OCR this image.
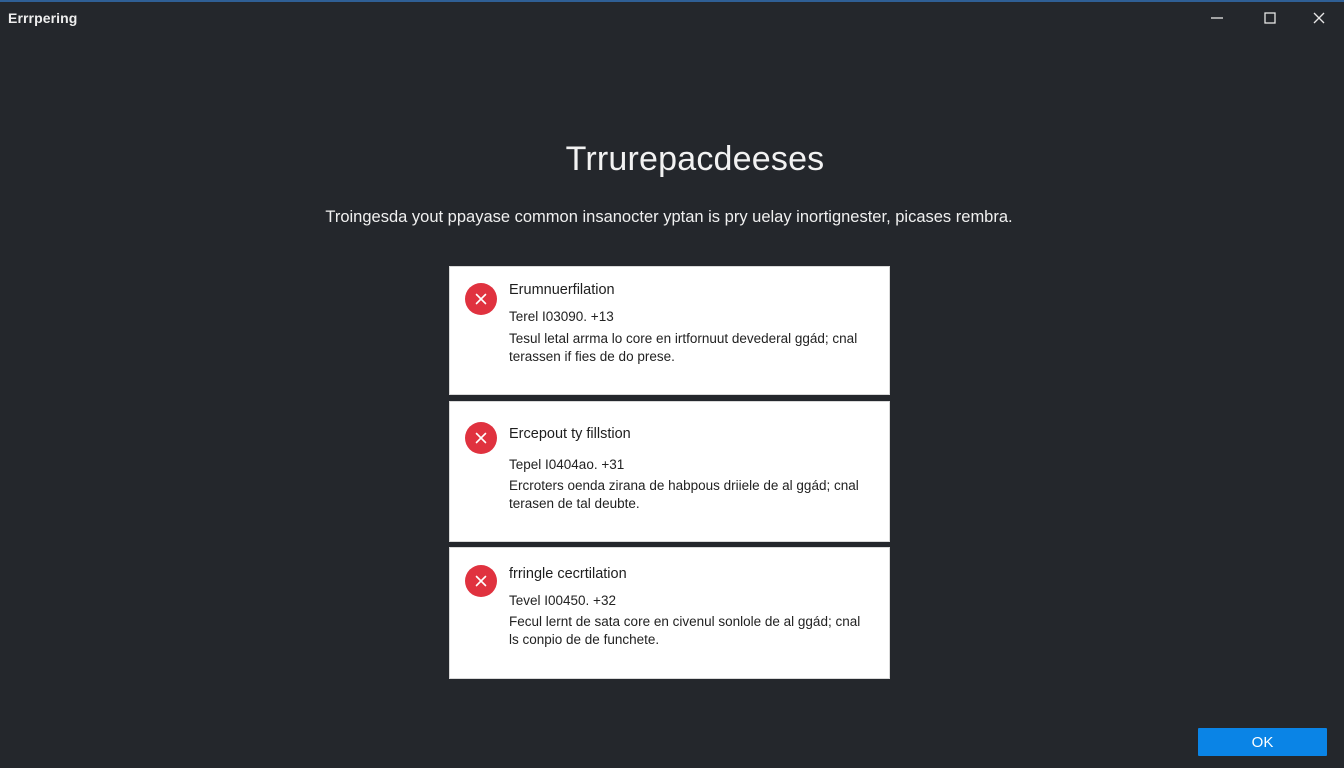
Errrpering
Trrurepacdeeses
Troingesda yout ppayase common insanocter yptan is pry uelay inortignester, picases rembra.
Erumnuerfilation
Terel I03090. +13
Tesul letal arrma lo core en irtfornuut devederal ggád; cnal
terassen if fies de do prese.
Ercepout ty fillstion
Tepel I0404ao. +31
Ercroters oenda zirana de habpous driiele de al ggád; cnal
terasen de tal deubte.
frringle cecrtilation
Tevel I00450. +32
Fecul lernt de sata core en civenul sonlole de al ggád; cnal
ls conpio de de funchete.
OK
